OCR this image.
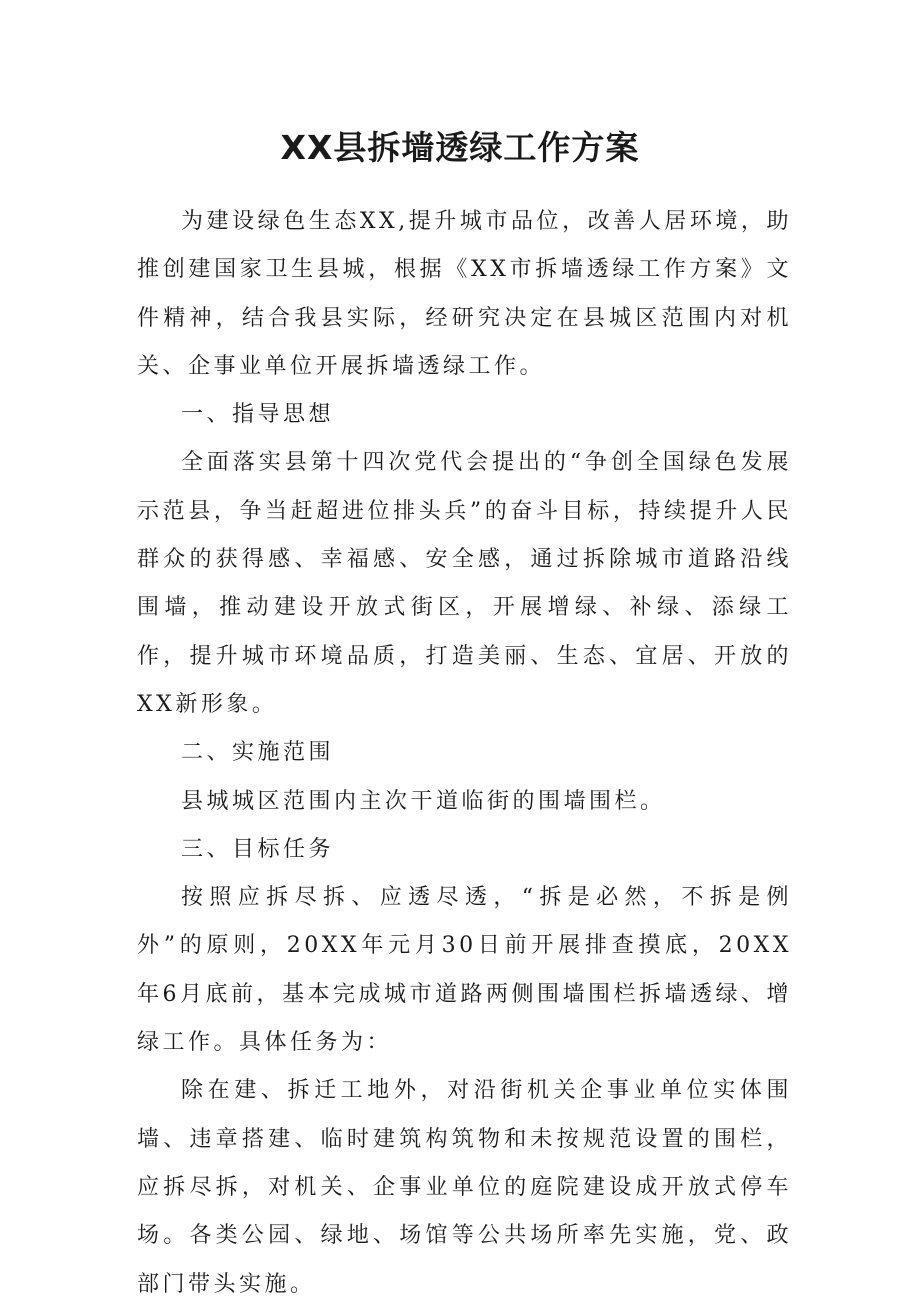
XX县拆墙透绿工作方案

为建设绿色生态XX,提升城市品位，改善人居环境，助推创建国家卫生县城，根据《XX市拆墙透绿工作方案》文件精神，结合我县实际，经研究决定在县城区范围内对机关、企事业单位开展拆墙透绿工作。

一、指导思想

全面落实县第十四次党代会提出的“争创全国绿色发展示范县，争当赶超进位排头兵”的奋斗目标，持续提升人民群众的获得感、幸福感、安全感，通过拆除城市道路沿线围墙，推动建设开放式街区，开展增绿、补绿、添绿工作，提升城市环境品质，打造美丽、生态、宜居、开放的XX新形象。

二、实施范围

县城城区范围内主次干道临街的围墙围栏。

三、目标任务

按照应拆尽拆、应透尽透，“拆是必然，不拆是例外”的原则，20XX年元月30日前开展排查摸底，20XX年6月底前，基本完成城市道路两侧围墙围栏拆墙透绿、增绿工作。具体任务为：

除在建、拆迁工地外，对沿街机关企事业单位实体围墙、违章搭建、临时建筑构筑物和未按规范设置的围栏，应拆尽拆，对机关、企事业单位的庭院建设成开放式停车场。各类公园、绿地、场馆等公共场所率先实施，党、政部门带头实施。
